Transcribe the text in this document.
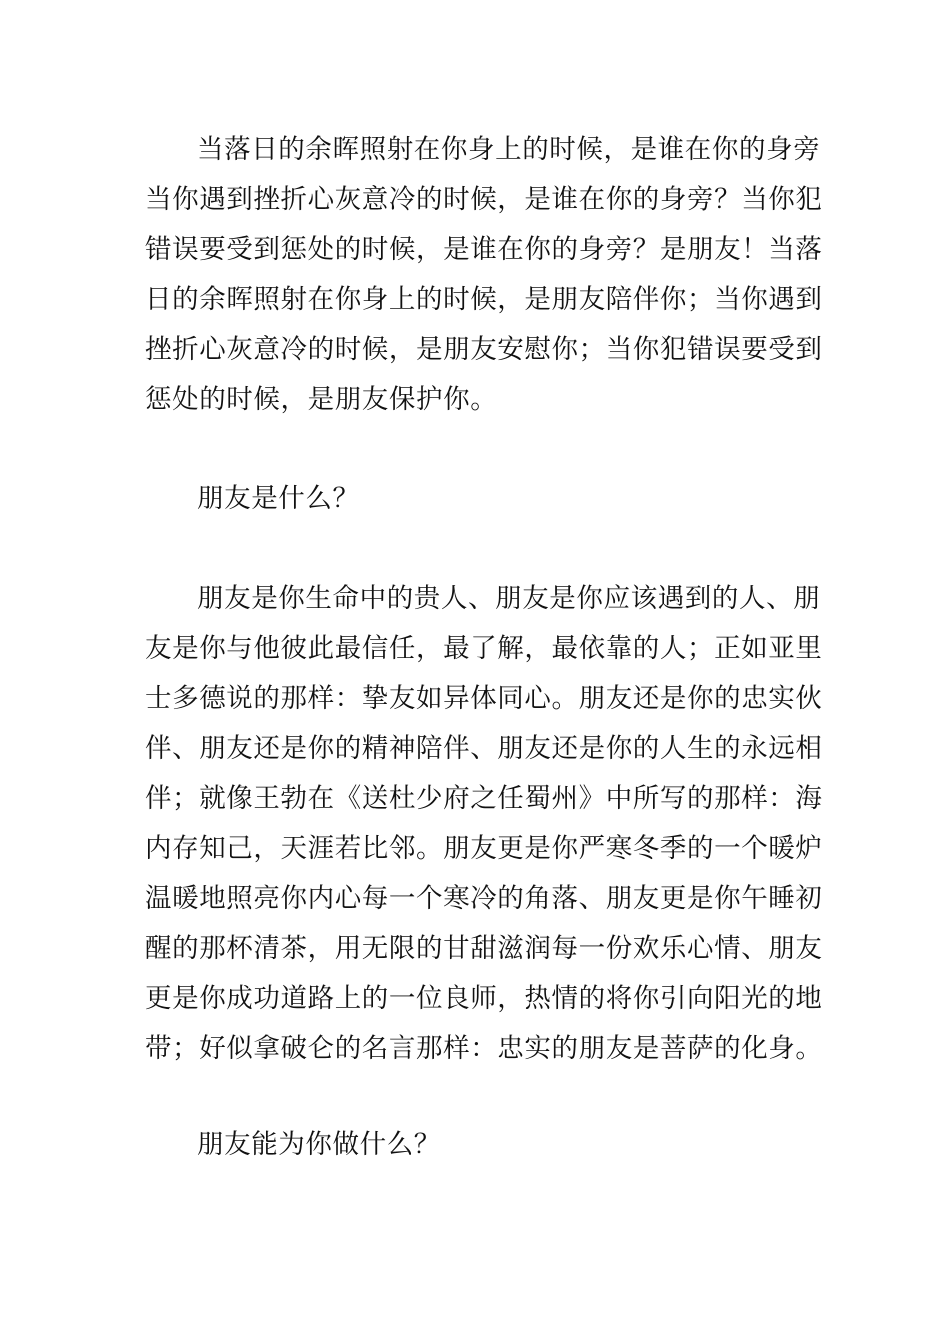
当落日的余晖照射在你身上的时候，是谁在你的身旁
当你遇到挫折心灰意冷的时候，是谁在你的身旁？当你犯
错误要受到惩处的时候，是谁在你的身旁？是朋友！当落
日的余晖照射在你身上的时候，是朋友陪伴你；当你遇到
挫折心灰意冷的时候，是朋友安慰你；当你犯错误要受到
惩处的时候，是朋友保护你。
朋友是什么？
朋友是你生命中的贵人、朋友是你应该遇到的人、朋
友是你与他彼此最信任，最了解，最依靠的人；正如亚里
士多德说的那样：挚友如异体同心。朋友还是你的忠实伙
伴、朋友还是你的精神陪伴、朋友还是你的人生的永远相
伴；就像王勃在《送杜少府之任蜀州》中所写的那样：海
内存知己，天涯若比邻。朋友更是你严寒冬季的一个暖炉
温暖地照亮你内心每一个寒冷的角落、朋友更是你午睡初
醒的那杯清茶，用无限的甘甜滋润每一份欢乐心情、朋友
更是你成功道路上的一位良师，热情的将你引向阳光的地
带；好似拿破仑的名言那样：忠实的朋友是菩萨的化身。
朋友能为你做什么？
